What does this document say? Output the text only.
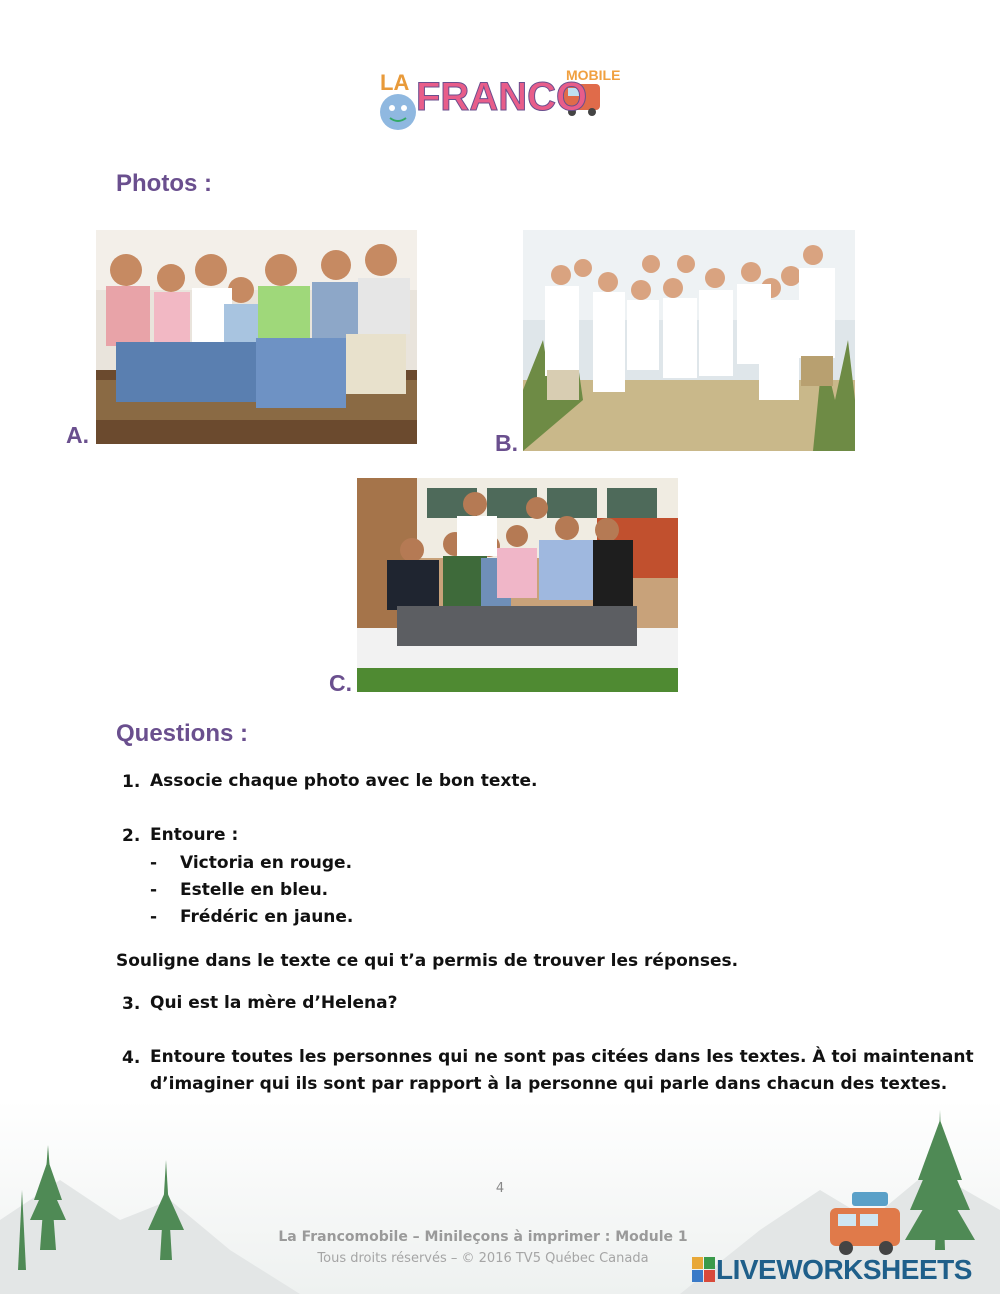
LA FRANCO
MOBILE
Photos :
A.	B.
C.
Questions :
1. Associe chaque photo avec le bon texte.
2. Entoure :
- Victoria en rouge.
- Estelle en bleu.
- Frédéric en jaune.
Souligne dans le texte ce qui t’a permis de trouver les réponses.
3. Qui est la mère d’Helena?
4. Entoure toutes les personnes qui ne sont pas citées dans les textes. À toi maintenant
d’imaginer qui ils sont par rapport à la personne qui parle dans chacun des textes.
4
La Francomobile – Minileçons à imprimer : Module 1
Tous droits réservés – © 2016 TV5 Québec Canada	LIVEWORKSHEETS
